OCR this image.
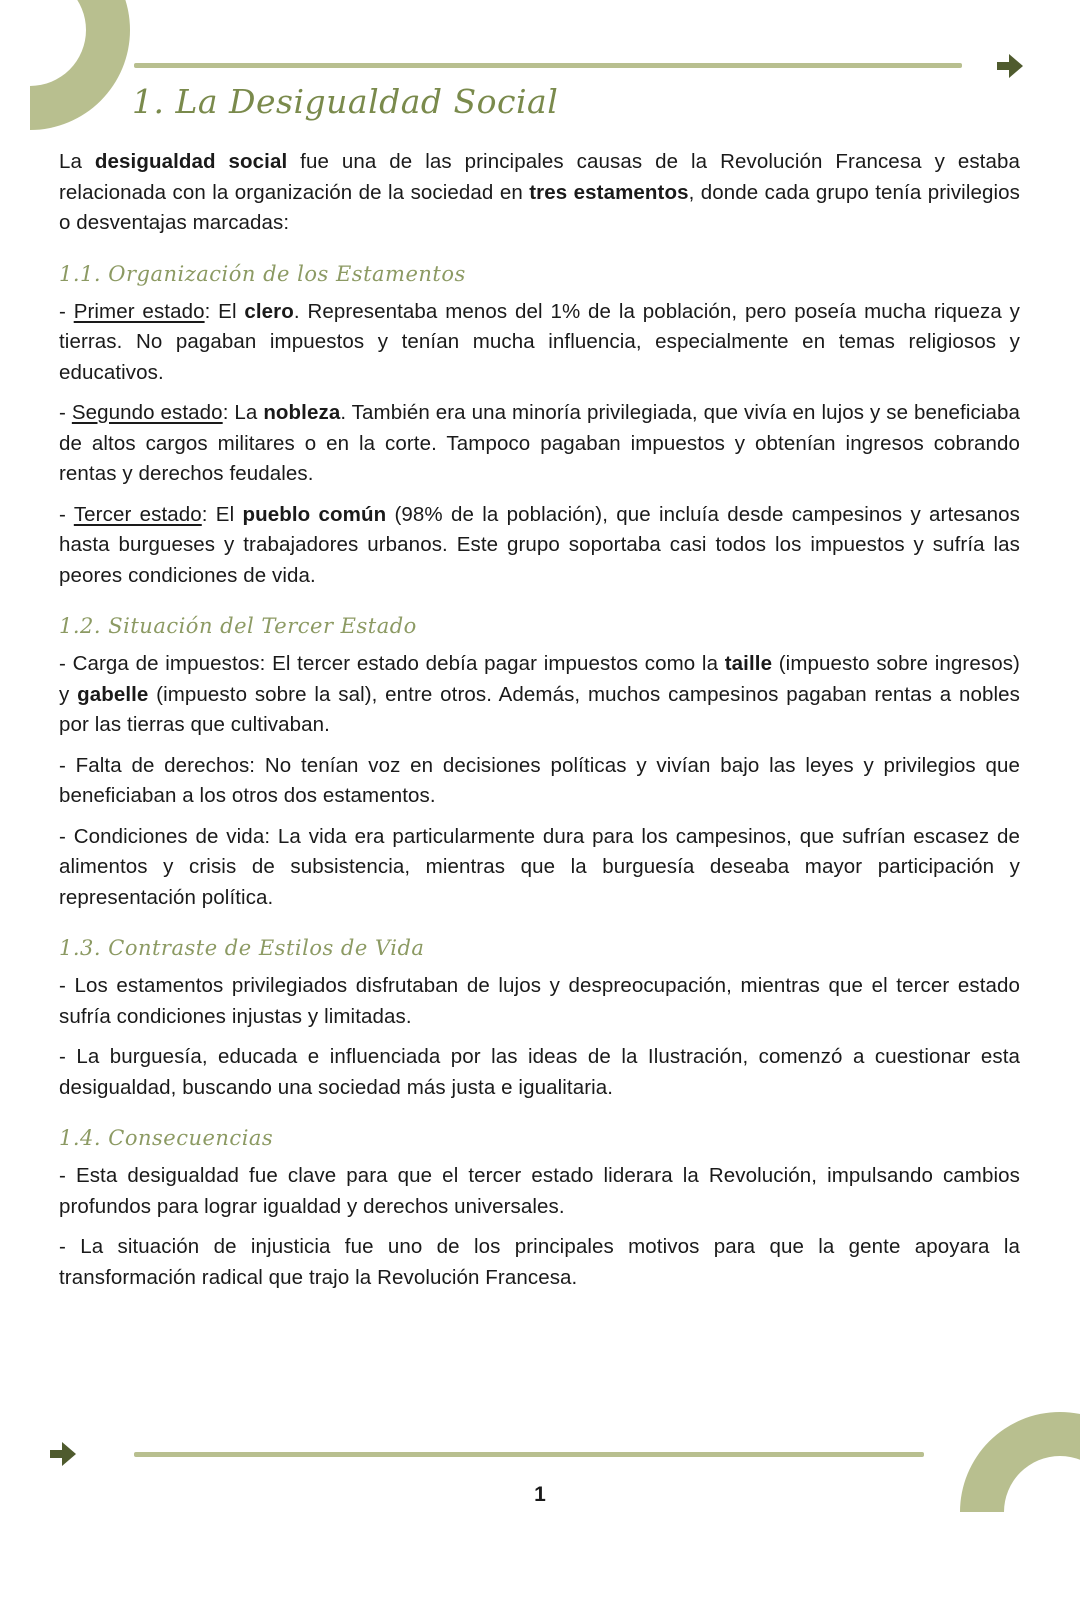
1. La Desigualdad Social

La desigualdad social fue una de las principales causas de la Revolución Francesa y estaba relacionada con la organización de la sociedad en tres estamentos, donde cada grupo tenía privilegios o desventajas marcadas:

1.1. Organización de los Estamentos

- Primer estado: El clero. Representaba menos del 1% de la población, pero poseía mucha riqueza y tierras. No pagaban impuestos y tenían mucha influencia, especialmente en temas religiosos y educativos.

- Segundo estado: La nobleza. También era una minoría privilegiada, que vivía en lujos y se beneficiaba de altos cargos militares o en la corte. Tampoco pagaban impuestos y obtenían ingresos cobrando rentas y derechos feudales.

- Tercer estado: El pueblo común (98% de la población), que incluía desde campesinos y artesanos hasta burgueses y trabajadores urbanos. Este grupo soportaba casi todos los impuestos y sufría las peores condiciones de vida.

1.2. Situación del Tercer Estado

- Carga de impuestos: El tercer estado debía pagar impuestos como la taille (impuesto sobre ingresos) y gabelle (impuesto sobre la sal), entre otros. Además, muchos campesinos pagaban rentas a nobles por las tierras que cultivaban.

- Falta de derechos: No tenían voz en decisiones políticas y vivían bajo las leyes y privilegios que beneficiaban a los otros dos estamentos.

- Condiciones de vida: La vida era particularmente dura para los campesinos, que sufrían escasez de alimentos y crisis de subsistencia, mientras que la burguesía deseaba mayor participación y representación política.

1.3. Contraste de Estilos de Vida

- Los estamentos privilegiados disfrutaban de lujos y despreocupación, mientras que el tercer estado sufría condiciones injustas y limitadas.

- La burguesía, educada e influenciada por las ideas de la Ilustración, comenzó a cuestionar esta desigualdad, buscando una sociedad más justa e igualitaria.

1.4. Consecuencias

- Esta desigualdad fue clave para que el tercer estado liderara la Revolución, impulsando cambios profundos para lograr igualdad y derechos universales.

- La situación de injusticia fue uno de los principales motivos para que la gente apoyara la transformación radical que trajo la Revolución Francesa.

1
